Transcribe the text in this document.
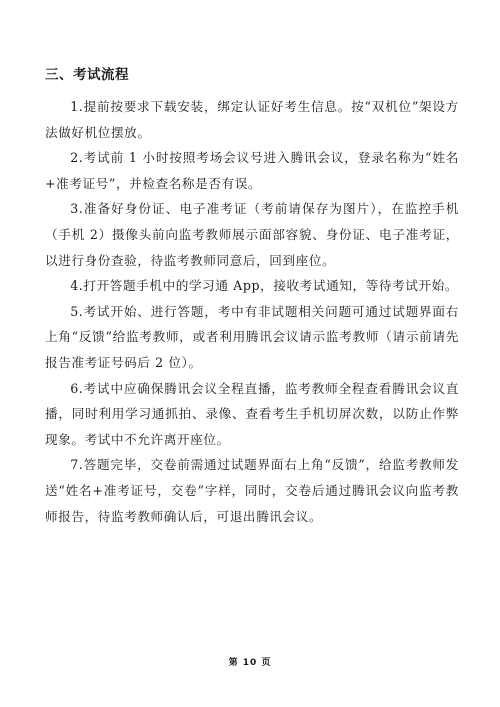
三、考试流程

1.提前按要求下载安装，绑定认证好考生信息。按“双机位”架设方法做好机位摆放。

2.考试前 1 小时按照考场会议号进入腾讯会议，登录名称为“姓名+准考证号”，并检查名称是否有误。

3.准备好身份证、电子准考证（考前请保存为图片），在监控手机（手机 2）摄像头前向监考教师展示面部容貌、身份证、电子准考证，以进行身份查验，待监考教师同意后，回到座位。

4.打开答题手机中的学习通 App，接收考试通知，等待考试开始。

5.考试开始、进行答题，考中有非试题相关问题可通过试题界面右上角“反馈”给监考教师，或者利用腾讯会议请示监考教师（请示前请先报告准考证号码后 2 位）。

6.考试中应确保腾讯会议全程直播，监考教师全程查看腾讯会议直播，同时利用学习通抓拍、录像、查看考生手机切屏次数，以防止作弊现象。考试中不允许离开座位。

7.答题完毕，交卷前需通过试题界面右上角“反馈”，给监考教师发送“姓名+准考证号，交卷”字样，同时，交卷后通过腾讯会议向监考教师报告，待监考教师确认后，可退出腾讯会议。

第 10 页
